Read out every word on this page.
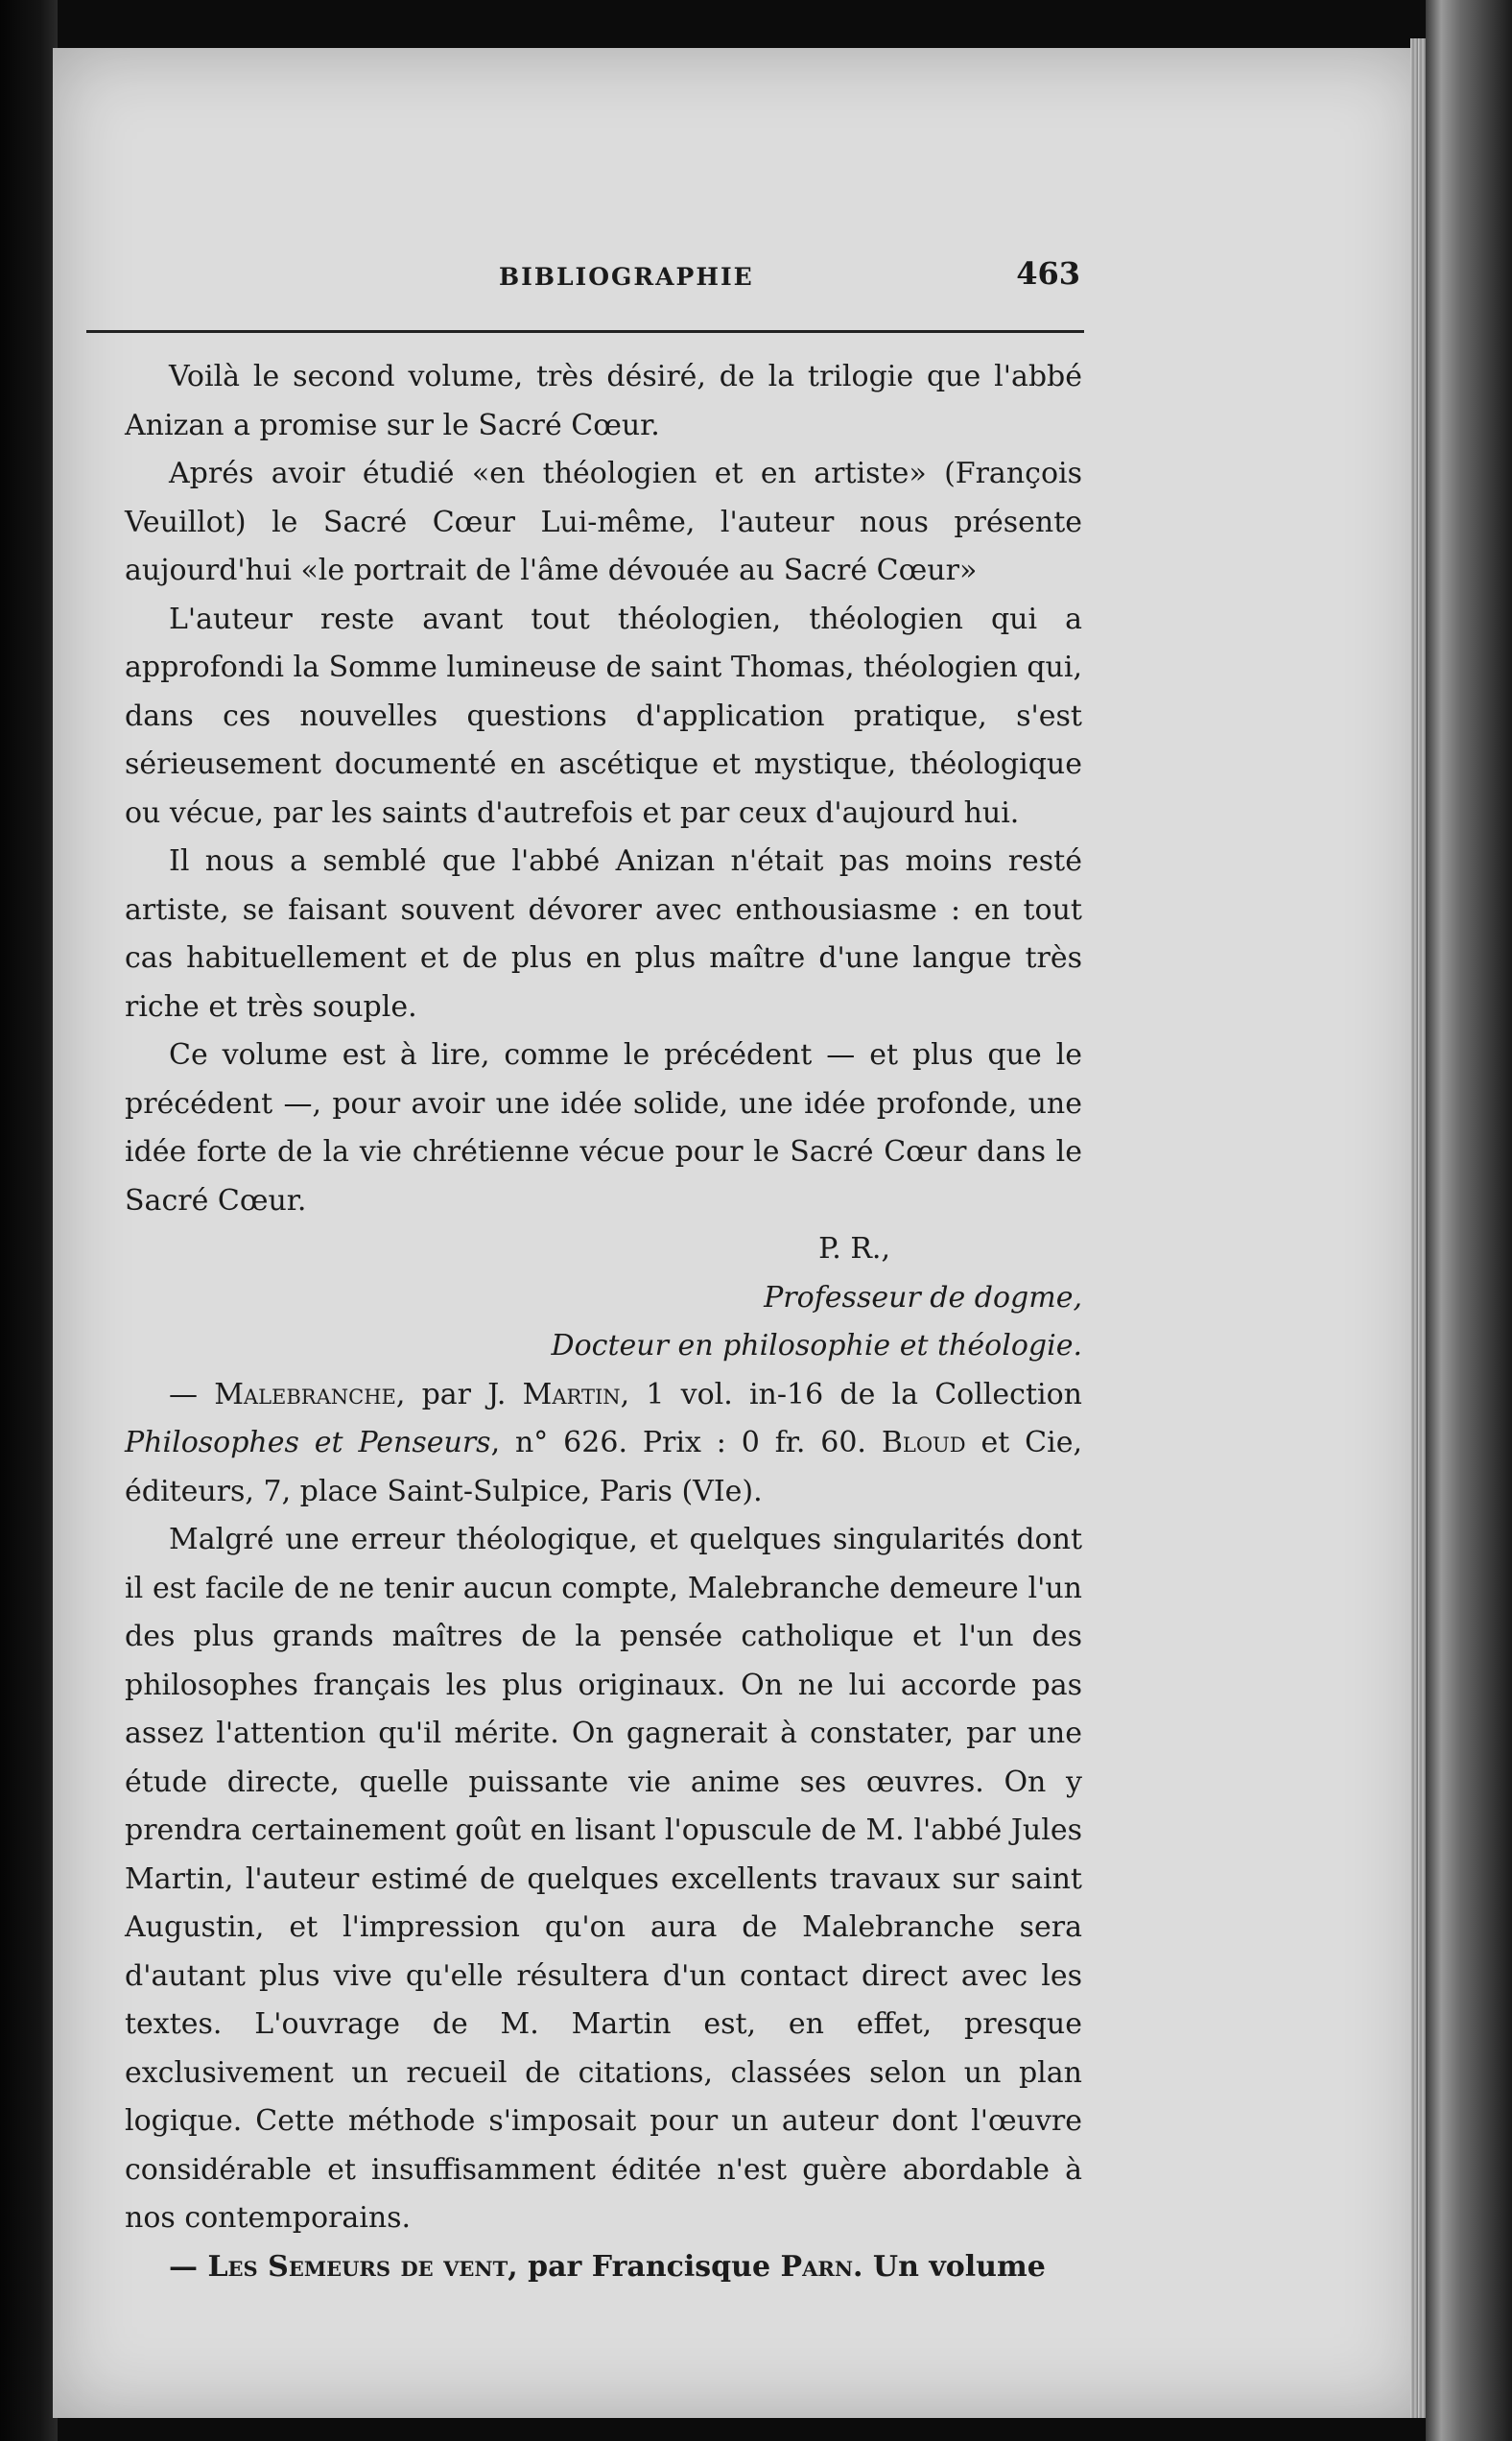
BIBLIOGRAPHIE	463

Voilà le second volume, très désiré, de la trilogie que l'abbé Anizan a promise sur le Sacré Cœur.

Aprés avoir étudié «en théologien et en artiste» (François Veuillot) le Sacré Cœur Lui-même, l'auteur nous présente aujourd'hui «le portrait de l'âme dévouée au Sacré Cœur»

L'auteur reste avant tout théologien, théologien qui a approfondi la Somme lumineuse de saint Thomas, théologien qui, dans ces nouvelles questions d'application pratique, s'est sérieusement documenté en ascétique et mystique, théologique ou vécue, par les saints d'autrefois et par ceux d'aujourd hui.

Il nous a semblé que l'abbé Anizan n'était pas moins resté artiste, se faisant souvent dévorer avec enthousiasme : en tout cas habituellement et de plus en plus maître d'une langue très riche et très souple.

Ce volume est à lire, comme le précédent — et plus que le précédent —, pour avoir une idée solide, une idée profonde, une idée forte de la vie chrétienne vécue pour le Sacré Cœur dans le Sacré Cœur.

P. R.,

Professeur de dogme,

Docteur en philosophie et théologie.

— Malebranche, par J. Martin, 1 vol. in-16 de la Collection Philosophes et Penseurs, n° 626. Prix : 0 fr. 60. Bloud et Cie, éditeurs, 7, place Saint-Sulpice, Paris (VIe).

Malgré une erreur théologique, et quelques singularités dont il est facile de ne tenir aucun compte, Malebranche demeure l'un des plus grands maîtres de la pensée catholique et l'un des philosophes français les plus originaux. On ne lui accorde pas assez l'attention qu'il mérite. On gagnerait à constater, par une étude directe, quelle puissante vie anime ses œuvres. On y prendra certainement goût en lisant l'opuscule de M. l'abbé Jules Martin, l'auteur estimé de quelques excellents travaux sur saint Augustin, et l'impression qu'on aura de Malebranche sera d'autant plus vive qu'elle résultera d'un contact direct avec les textes. L'ouvrage de M. Martin est, en effet, presque exclusivement un recueil de citations, classées selon un plan logique. Cette méthode s'imposait pour un auteur dont l'œuvre considérable et insuffisamment éditée n'est guère abordable à nos contemporains.

— Les Semeurs de vent, par Francisque Parn. Un volume
